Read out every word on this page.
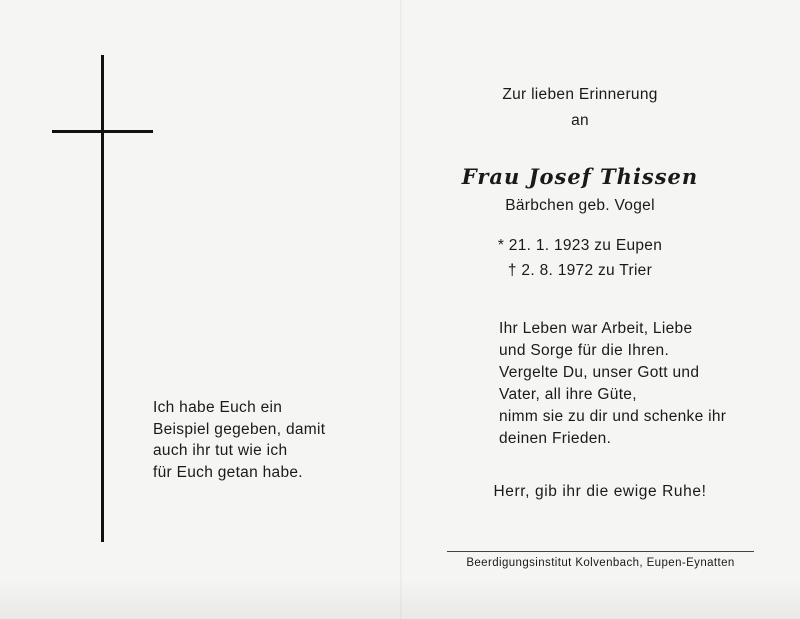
Ich habe Euch ein
Beispiel gegeben, damit
auch ihr tut wie ich
für Euch getan habe.
Zur lieben Erinnerung
an
Frau Josef Thissen
Bärbchen geb. Vogel
* 21. 1. 1923 zu Eupen
† 2. 8. 1972 zu Trier
Ihr Leben war Arbeit, Liebe
und Sorge für die Ihren.
Vergelte Du, unser Gott und
Vater, all ihre Güte,
nimm sie zu dir und schenke ihr
deinen Frieden.
Herr, gib ihr die ewige Ruhe!
Beerdigungsinstitut Kolvenbach, Eupen-Eynatten
